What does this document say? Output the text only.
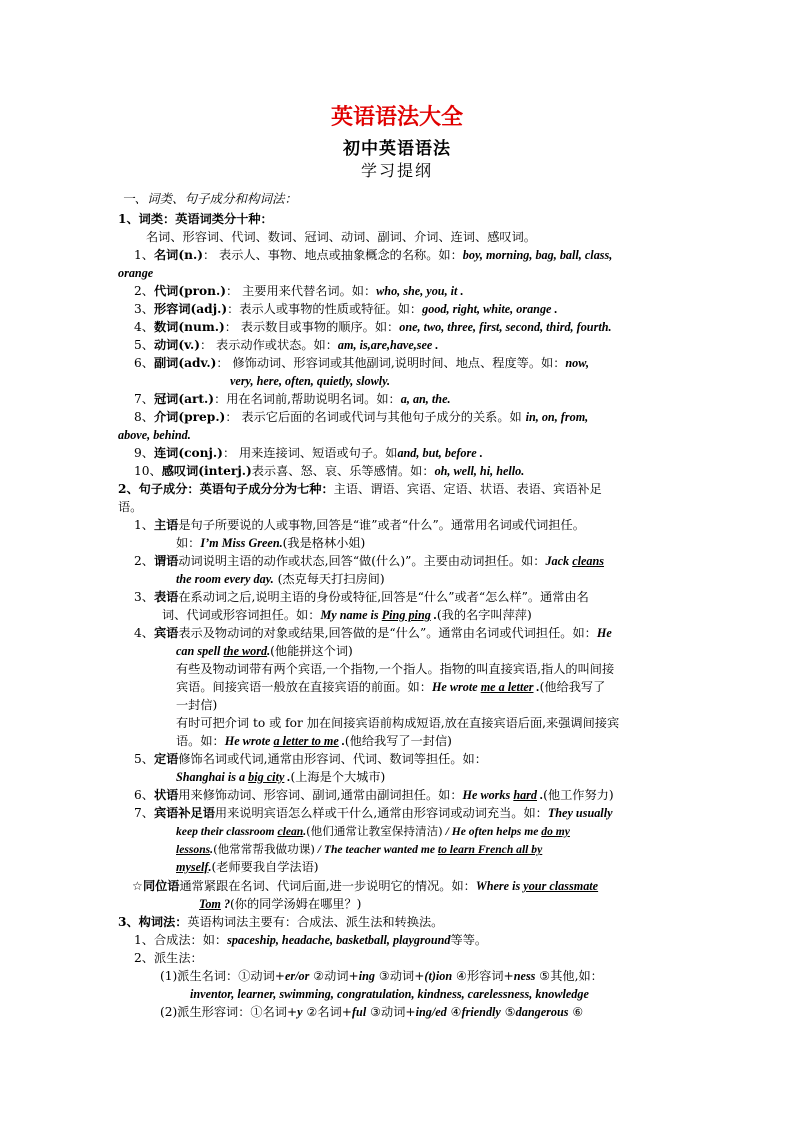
英语语法大全
初中英语语法
学习提纲
一、词类、句子成分和构词法：
1、词类：英语词类分十种：
名词、形容词、代词、数词、冠词、动词、副词、介词、连词、感叹词。
1、名词(n.)： 表示人、事物、地点或抽象概念的名称。如：boy, morning, bag, ball, class,
orange
2、代词(pron.)： 主要用来代替名词。如：who, she, you, it .
3、形容词(adj.)：表示人或事物的性质或特征。如：good, right, white, orange .
4、数词(num.)： 表示数目或事物的顺序。如：one, two, three, first, second, third, fourth.
5、动词(v.)： 表示动作或状态。如：am, is,are,have,see .
6、副词(adv.)： 修饰动词、形容词或其他副词,说明时间、地点、程度等。如：now,
very, here, often, quietly, slowly.
7、冠词(art.)：用在名词前,帮助说明名词。如：a, an, the.
8、介词(prep.)： 表示它后面的名词或代词与其他句子成分的关系。如 in, on, from,
above, behind.
9、连词(conj.)： 用来连接词、短语或句子。如and, but, before .
10、感叹词(interj.)表示喜、怒、哀、乐等感情。如：oh, well, hi, hello.
2、句子成分：英语句子成分分为七种：主语、谓语、宾语、定语、状语、表语、宾语补足
语。
1、主语是句子所要说的人或事物,回答是“谁”或者“什么”。通常用名词或代词担任。
如：I’m Miss Green.(我是格林小姐)
2、谓语动词说明主语的动作或状态,回答“做(什么)”。主要由动词担任。如：Jack cleans
the room every day. (杰克每天打扫房间)
3、表语在系动词之后,说明主语的身份或特征,回答是“什么”或者“怎么样”。通常由名
词、代词或形容词担任。如：My name is Ping ping .(我的名字叫萍萍)
4、宾语表示及物动词的对象或结果,回答做的是“什么”。通常由名词或代词担任。如：He
can spell the word.(他能拼这个词)
有些及物动词带有两个宾语,一个指物,一个指人。指物的叫直接宾语,指人的叫间接
宾语。间接宾语一般放在直接宾语的前面。如：He wrote me a letter .(他给我写了
一封信)
有时可把介词 to 或 for 加在间接宾语前构成短语,放在直接宾语后面,来强调间接宾
语。如：He wrote a letter to me .(他给我写了一封信)
5、定语修饰名词或代词,通常由形容词、代词、数词等担任。如：
Shanghai is a big city .(上海是个大城市)
6、状语用来修饰动词、形容词、副词,通常由副词担任。如：He works hard .(他工作努力)
7、宾语补足语用来说明宾语怎么样或干什么,通常由形容词或动词充当。如：They usually
keep their classroom clean.(他们通常让教室保持清洁) / He often helps me do my
lessons.(他常常帮我做功课) / The teacher wanted me to learn French all by
myself.(老师要我自学法语)
☆同位语通常紧跟在名词、代词后面,进一步说明它的情况。如：Where is your classmate
Tom ?(你的同学汤姆在哪里？)
3、构词法：英语构词法主要有：合成法、派生法和转换法。
1、合成法：如：spaceship, headache, basketball, playground等等。
2、派生法：
(1)派生名词：①动词+er/or ②动词+ing ③动词+(t)ion ④形容词+ness ⑤其他,如：
inventor, learner, swimming, congratulation, kindness, carelessness, knowledge
(2)派生形容词：①名词+y ②名词+ful ③动词+ing/ed ④friendly ⑤dangerous ⑥
